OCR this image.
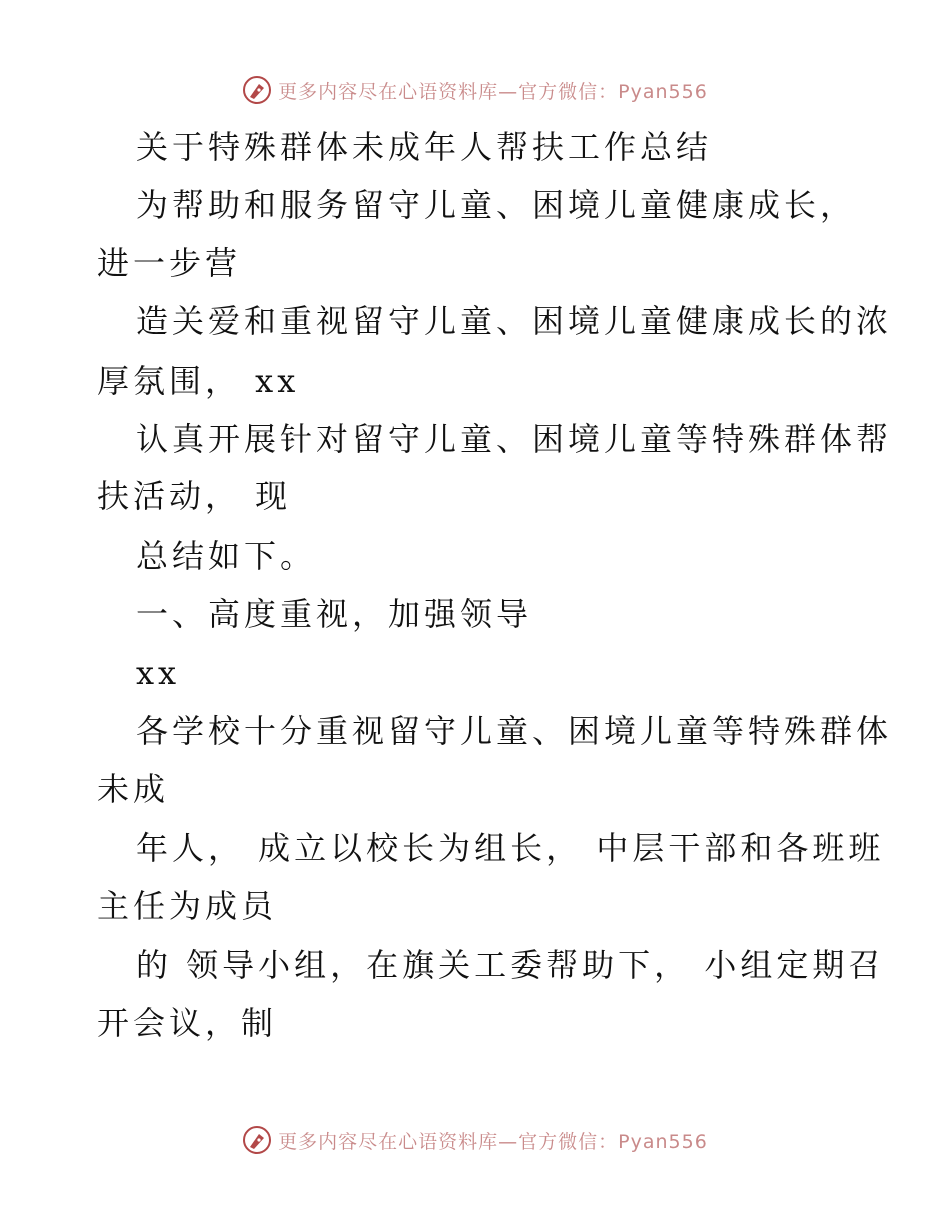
更多内容尽在心语资料库—官方微信：Pyan556
关于特殊群体未成年人帮扶工作总结
为帮助和服务留守儿童、困境儿童健康成长，
进一步营
造关爱和重视留守儿童、困境儿童健康成长的浓
厚氛围， xx
认真开展针对留守儿童、困境儿童等特殊群体帮
扶活动， 现
总结如下。
一、高度重视，加强领导
xx
各学校十分重视留守儿童、困境儿童等特殊群体
未成
年人， 成立以校长为组长， 中层干部和各班班
主任为成员
的 领导小组，在旗关工委帮助下， 小组定期召
开会议，制
更多内容尽在心语资料库—官方微信：Pyan556
